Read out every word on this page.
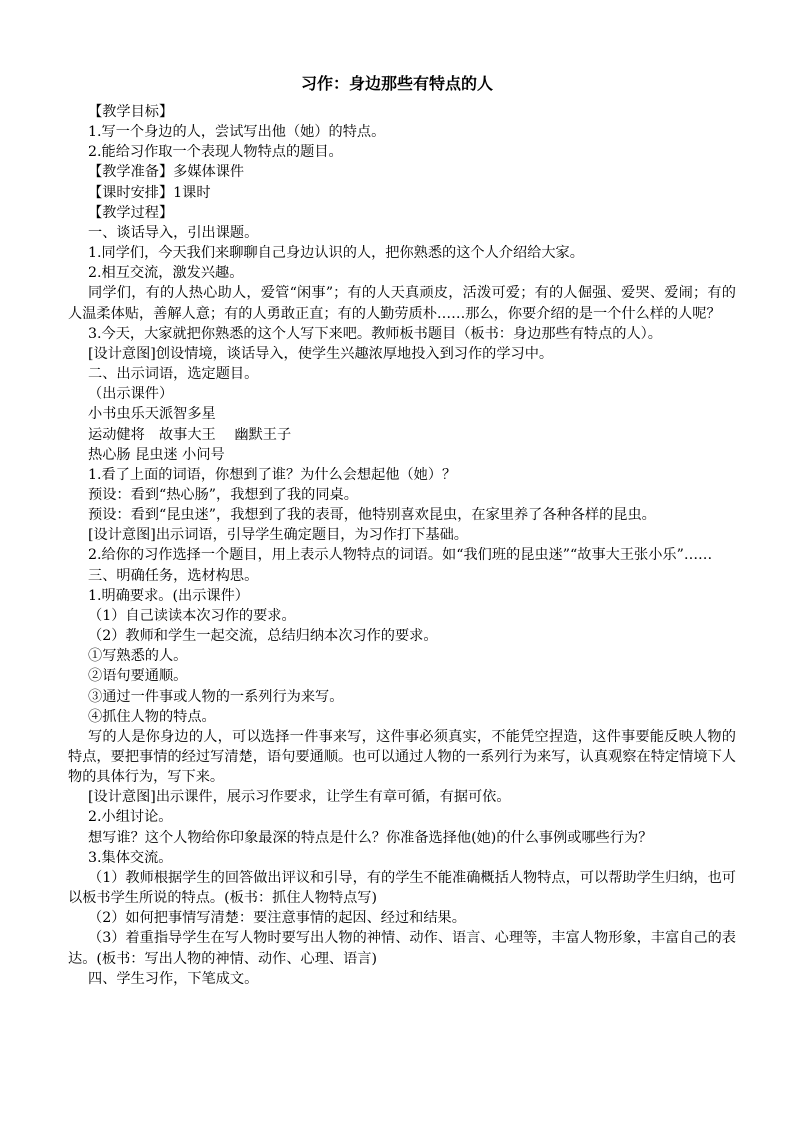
习作：身边那些有特点的人
【教学目标】
1.写一个身边的人，尝试写出他（她）的特点。
2.能给习作取一个表现人物特点的题目。
【教学准备】多媒体课件
【课时安排】1课时
【教学过程】
一、谈话导入，引出课题。
1.同学们，今天我们来聊聊自己身边认识的人，把你熟悉的这个人介绍给大家。
2.相互交流，激发兴趣。
同学们，有的人热心助人，爱管“闲事”；有的人天真顽皮，活泼可爱；有的人倔强、爱哭、爱闹；有的人温柔体贴，善解人意；有的人勇敢正直；有的人勤劳质朴……那么，你要介绍的是一个什么样的人呢？
3.今天，大家就把你熟悉的这个人写下来吧。教师板书题目（板书：身边那些有特点的人）。
[设计意图]创设情境，谈话导入，使学生兴趣浓厚地投入到习作的学习中。
二、出示词语，选定题目。
（出示课件）
小书虫乐天派智多星
运动健将　故事大王　 幽默王子
热心肠 昆虫迷 小问号
1.看了上面的词语，你想到了谁？为什么会想起他（她）？
预设：看到“热心肠”，我想到了我的同桌。
预设：看到“昆虫迷”，我想到了我的表哥，他特别喜欢昆虫，在家里养了各种各样的昆虫。
[设计意图]出示词语，引导学生确定题目，为习作打下基础。
2.给你的习作选择一个题目，用上表示人物特点的词语。如“我们班的昆虫迷”“故事大王张小乐”……
三、明确任务，选材构思。
1.明确要求。(出示课件）
（1）自己读读本次习作的要求。
（2）教师和学生一起交流，总结归纳本次习作的要求。
①写熟悉的人。
②语句要通顺。
③通过一件事或人物的一系列行为来写。
④抓住人物的特点。
写的人是你身边的人，可以选择一件事来写，这件事必须真实，不能凭空捏造，这件事要能反映人物的特点，要把事情的经过写清楚，语句要通顺。也可以通过人物的一系列行为来写，认真观察在特定情境下人物的具体行为，写下来。
[设计意图]出示课件，展示习作要求，让学生有章可循，有据可依。
2.小组讨论。
想写谁？这个人物给你印象最深的特点是什么？你准备选择他(她)的什么事例或哪些行为？
3.集体交流。
（1）教师根据学生的回答做出评议和引导，有的学生不能准确概括人物特点，可以帮助学生归纳，也可以板书学生所说的特点。(板书：抓住人物特点写)
（2）如何把事情写清楚：要注意事情的起因、经过和结果。
（3）着重指导学生在写人物时要写出人物的神情、动作、语言、心理等，丰富人物形象，丰富自己的表达。(板书：写出人物的神情、动作、心理、语言)
四、学生习作，下笔成文。
